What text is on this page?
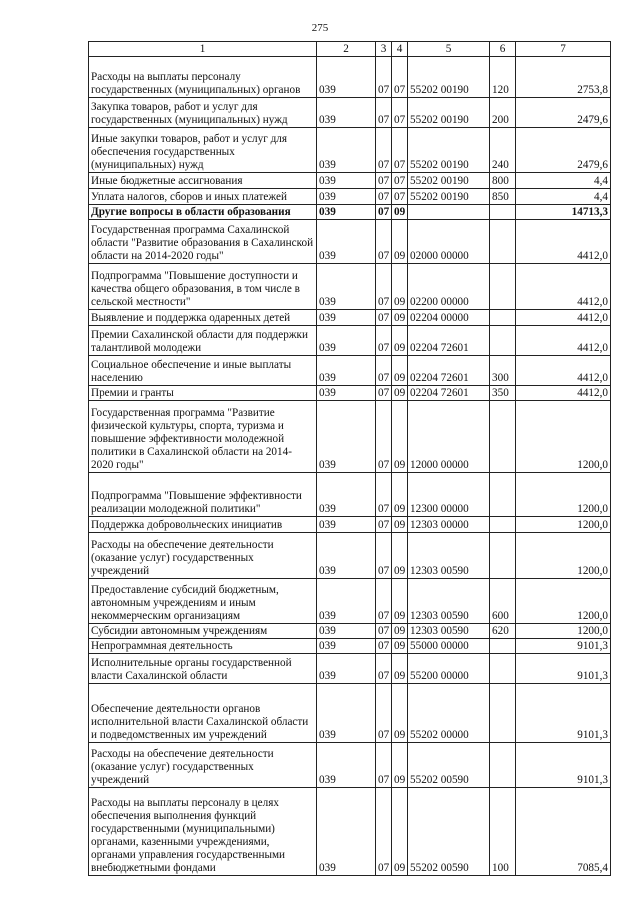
275
1	2	3	4	5	6	7
Расходы на выплаты персоналу государственных (муниципальных) органов	039	07	07	55202 00190	120	2753,8
Закупка товаров, работ и услуг для государственных (муниципальных) нужд	039	07	07	55202 00190	200	2479,6
Иные закупки товаров, работ и услуг для обеспечения государственных (муниципальных) нужд	039	07	07	55202 00190	240	2479,6
Иные бюджетные ассигнования	039	07	07	55202 00190	800	4,4
Уплата налогов, сборов и иных платежей	039	07	07	55202 00190	850	4,4
Другие вопросы в области образования	039	07	09			14713,3
Государственная программа Сахалинской области "Развитие образования в Сахалинской области на 2014-2020 годы"	039	07	09	02000 00000		4412,0
Подпрограмма "Повышение доступности и качества общего образования, в том числе в сельской местности"	039	07	09	02200 00000		4412,0
Выявление и поддержка одаренных детей	039	07	09	02204 00000		4412,0
Премии Сахалинской области для поддержки талантливой молодежи	039	07	09	02204 72601		4412,0
Социальное обеспечение и иные выплаты населению	039	07	09	02204 72601	300	4412,0
Премии и гранты	039	07	09	02204 72601	350	4412,0
Государственная программа "Развитие физической культуры, спорта, туризма и повышение эффективности молодежной политики в Сахалинской области на 2014-2020 годы"	039	07	09	12000 00000		1200,0
Подпрограмма "Повышение эффективности реализации молодежной политики"	039	07	09	12300 00000		1200,0
Поддержка добровольческих инициатив	039	07	09	12303 00000		1200,0
Расходы на обеспечение деятельности (оказание услуг) государственных учреждений	039	07	09	12303 00590		1200,0
Предоставление субсидий бюджетным, автономным учреждениям и иным некоммерческим организациям	039	07	09	12303 00590	600	1200,0
Субсидии автономным учреждениям	039	07	09	12303 00590	620	1200,0
Непрограммная деятельность	039	07	09	55000 00000		9101,3
Исполнительные органы государственной власти Сахалинской области	039	07	09	55200 00000		9101,3
Обеспечение деятельности органов исполнительной власти Сахалинской области и подведомственных им учреждений	039	07	09	55202 00000		9101,3
Расходы на обеспечение деятельности (оказание услуг) государственных учреждений	039	07	09	55202 00590		9101,3
Расходы на выплаты персоналу в целях обеспечения выполнения функций государственными (муниципальными) органами, казенными учреждениями, органами управления государственными внебюджетными фондами	039	07	09	55202 00590	100	7085,4
